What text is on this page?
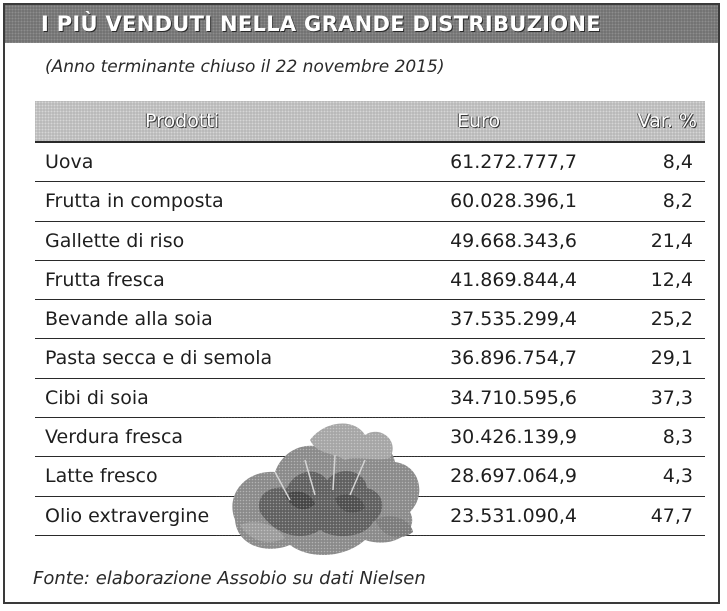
I PIÙ VENDUTI NELLA GRANDE DISTRIBUZIONE
(Anno terminante chiuso il 22 novembre 2015)
Prodotti	Euro	Var. %
Uova	61.272.777,7	8,4
Frutta in composta	60.028.396,1	8,2
Gallette di riso	49.668.343,6	21,4
Frutta fresca	41.869.844,4	12,4
Bevande alla soia	37.535.299,4	25,2
Pasta secca e di semola	36.896.754,7	29,1
Cibi di soia	34.710.595,6	37,3
Verdura fresca	30.426.139,9	8,3
Latte fresco	28.697.064,9	4,3
Olio extravergine	23.531.090,4	47,7
Fonte: elaborazione Assobio su dati Nielsen
